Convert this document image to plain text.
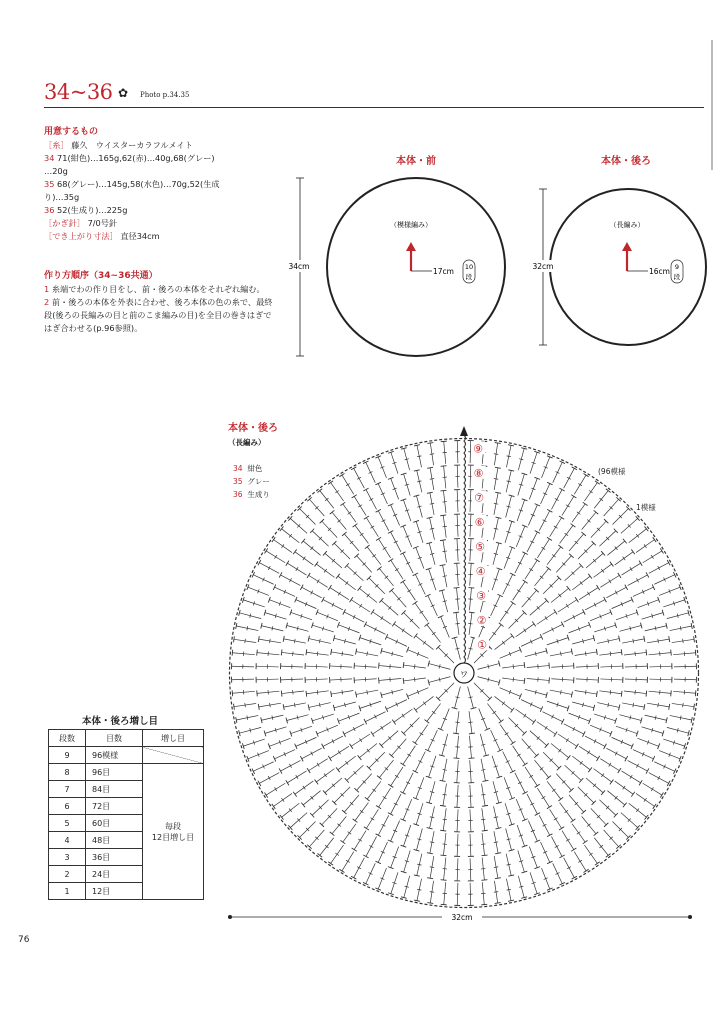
34~36 ✿ Photo p.34.35
用意するもの
［糸］ 藤久　ウイスターカラフルメイト
34 71(紺色)…165g,62(赤)…40g,68(グレー)
…20g
35 68(グレー)…145g,58(水色)…70g,52(生成
り)…35g
36 52(生成り)…225g
［かぎ針］ 7/0号針
［でき上がり寸法］ 直径34cm
作り方順序（34~36共通）
1 糸端でわの作り目をし、前・後ろの本体をそれぞれ編む。
2 前・後ろの本体を外表に合わせ、後ろ本体の色の糸で、最終段(後ろの長編みの目と前のこま編みの目)を全目の巻きはぎではぎ合わせる(p.96参照)。
本体・前
34cm
（模様編み）
17cm 10
段
本体・後ろ
32cm
（長編み）
16cm 9
段
本体・後ろ
（長編み）
34 紺色
35 グレー
36 生成り
(96模様
1模様
ワ
①
②
③
④
⑤
⑥
⑦
⑧
⑨
32cm
本体・後ろ増し目
段数	目数	増し目
9	96模様	
8	96目	毎段
12目増し目

7	84目	
6	72目	
5	60目	
4	48目	
3	36目	
2	24目	
1	12目	
76
